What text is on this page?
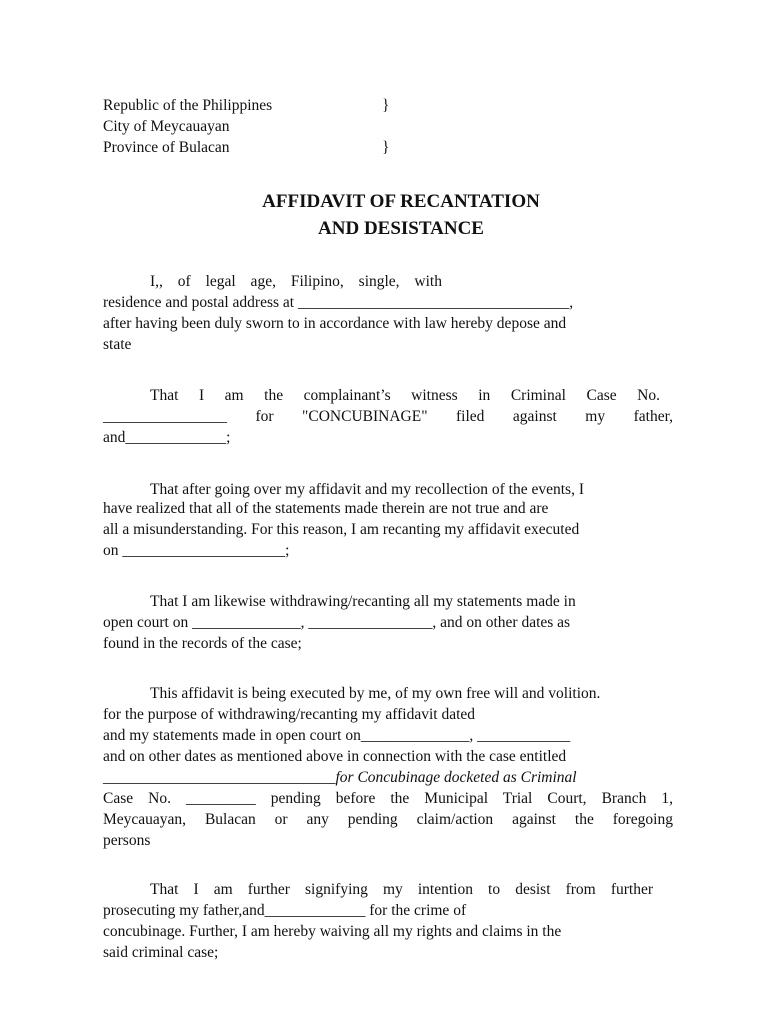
Republic of the Philippines	}
City of Meycauayan
Province of Bulacan	}
AFFIDAVIT OF RECANTATION
AND DESISTANCE
I,, of legal age, Filipino, single, with
residence and postal address at ___________________________________,
after having been duly sworn to in accordance with law hereby depose and
state
That I am the complainant’s witness in Criminal Case No.
________________ for "CONCUBINAGE" filed against my father,
and_____________;
That after going over my affidavit and my recollection of the events, I
have realized that all of the statements made therein are not true and are
all a misunderstanding. For this reason, I am recanting my affidavit executed
on _____________________;
That I am likewise withdrawing/recanting all my statements made in
open court on ______________, ________________, and on other dates as
found in the records of the case;
This affidavit is being executed by me, of my own free will and volition.
for the purpose of withdrawing/recanting my affidavit dated
and my statements made in open court on______________, ____________
and on other dates as mentioned above in connection with the case entitled
______________________________for Concubinage docketed as Criminal
Case No. _________ pending before the Municipal Trial Court, Branch 1,
Meycauayan, Bulacan or any pending claim/action against the foregoing
persons
That I am further signifying my intention to desist from further
prosecuting my father,and_____________ for the crime of
concubinage. Further, I am hereby waiving all my rights and claims in the
said criminal case;
